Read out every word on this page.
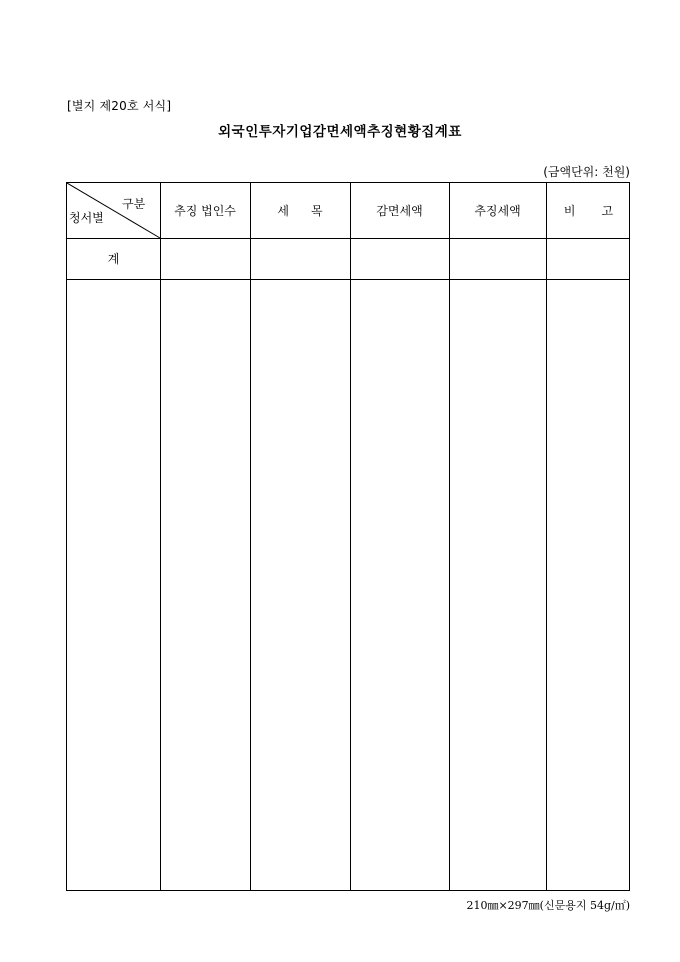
[별지 제20호 서식]
외국인투자기업감면세액추징현황집계표
(금액단위: 천원)
구분
청서별	추징 법인수	세목	감면세액	추징세액	비고
계
210㎜×297㎜(신문용지 54g/㎡)
